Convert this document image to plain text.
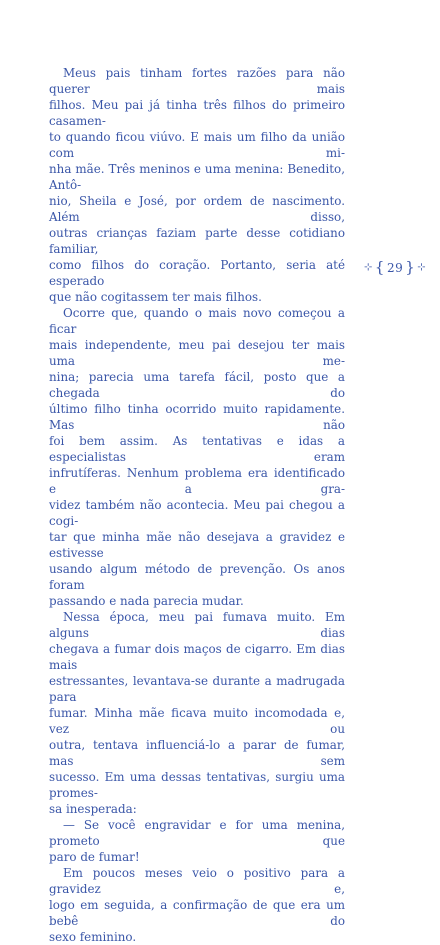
Meus pais tinham fortes razões para não querer mais
filhos. Meu pai já tinha três filhos do primeiro casamen-
to quando ficou viúvo. E mais um filho da união com mi-
nha mãe. Três meninos e uma menina: Benedito, Antô-
nio, Sheila e José, por ordem de nascimento. Além disso,
outras crianças faziam parte desse cotidiano familiar,
como filhos do coração. Portanto, seria até esperado
que não cogitassem ter mais filhos.
Ocorre que, quando o mais novo começou a ficar
mais independente, meu pai desejou ter mais uma me-
nina; parecia uma tarefa fácil, posto que a chegada do
último filho tinha ocorrido muito rapidamente. Mas não
foi bem assim. As tentativas e idas a especialistas eram
infrutíferas. Nenhum problema era identificado e a gra-
videz também não acontecia. Meu pai chegou a cogi-
tar que minha mãe não desejava a gravidez e estivesse
usando algum método de prevenção. Os anos foram
passando e nada parecia mudar.
Nessa época, meu pai fumava muito. Em alguns dias
chegava a fumar dois maços de cigarro. Em dias mais
estressantes, levantava-se durante a madrugada para
fumar. Minha mãe ficava muito incomodada e, vez ou
outra, tentava influenciá-lo a parar de fumar, mas sem
sucesso. Em uma dessas tentativas, surgiu uma promes-
sa inesperada:
— Se você engravidar e for uma menina, prometo que
paro de fumar!
Em poucos meses veio o positivo para a gravidez e,
logo em seguida, a confirmação de que era um bebê do
sexo feminino.
⊹ { 29 } ⊹
